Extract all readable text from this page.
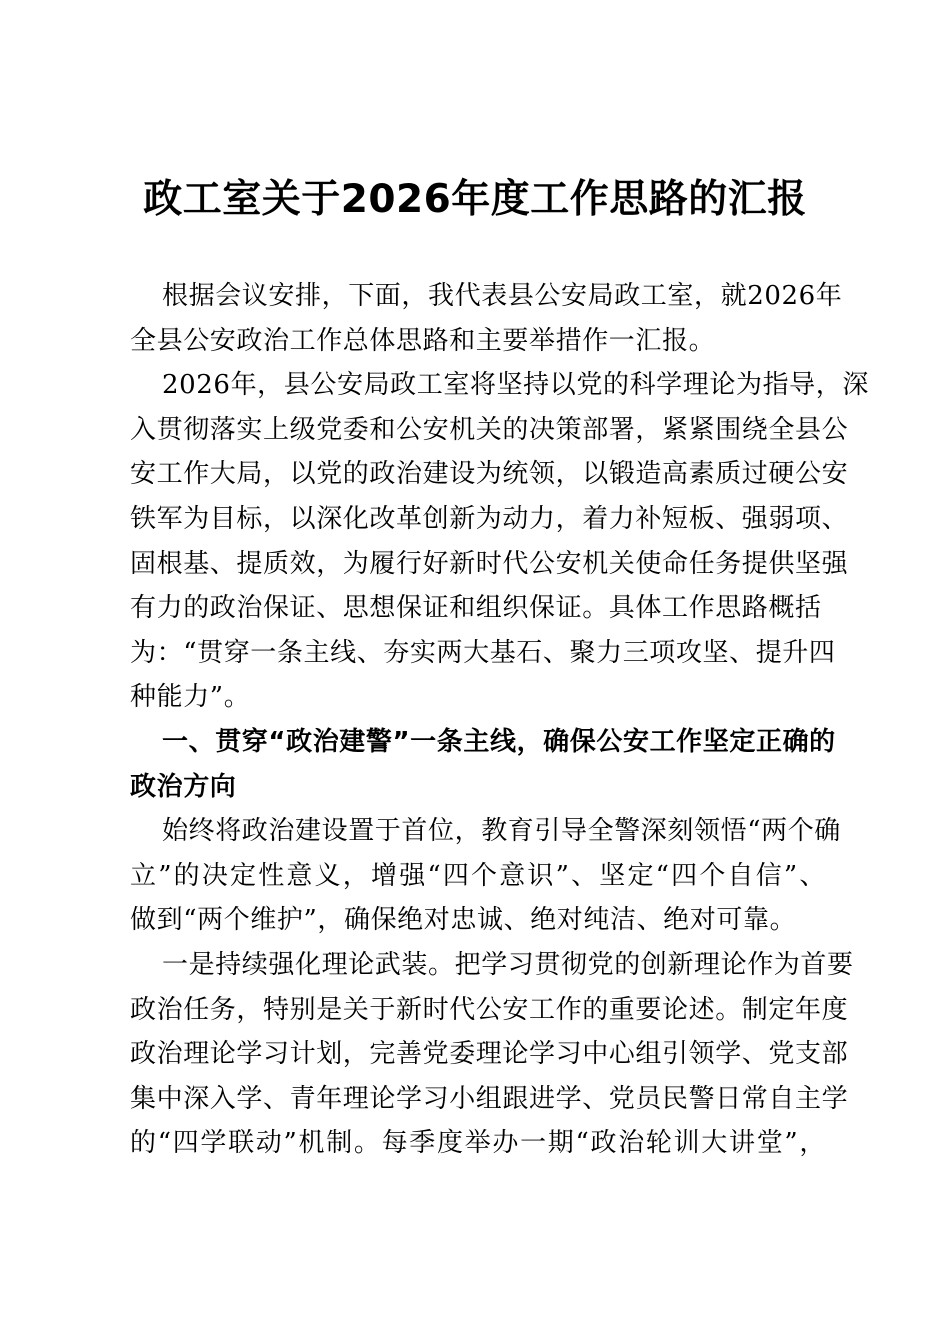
政工室关于2026年度工作思路的汇报
根据会议安排，下面，我代表县公安局政工室，就2026年
全县公安政治工作总体思路和主要举措作一汇报。
2026年，县公安局政工室将坚持以党的科学理论为指导，深
入贯彻落实上级党委和公安机关的决策部署，紧紧围绕全县公
安工作大局，以党的政治建设为统领，以锻造高素质过硬公安
铁军为目标，以深化改革创新为动力，着力补短板、强弱项、
固根基、提质效，为履行好新时代公安机关使命任务提供坚强
有力的政治保证、思想保证和组织保证。具体工作思路概括
为：“贯穿一条主线、夯实两大基石、聚力三项攻坚、提升四
种能力”。
一、贯穿“政治建警”一条主线，确保公安工作坚定正确的
政治方向
始终将政治建设置于首位，教育引导全警深刻领悟“两个确
立”的决定性意义，增强“四个意识”、坚定“四个自信”、
做到“两个维护”，确保绝对忠诚、绝对纯洁、绝对可靠。
一是持续强化理论武装。把学习贯彻党的创新理论作为首要
政治任务，特别是关于新时代公安工作的重要论述。制定年度
政治理论学习计划，完善党委理论学习中心组引领学、党支部
集中深入学、青年理论学习小组跟进学、党员民警日常自主学
的“四学联动”机制。每季度举办一期“政治轮训大讲堂”，
